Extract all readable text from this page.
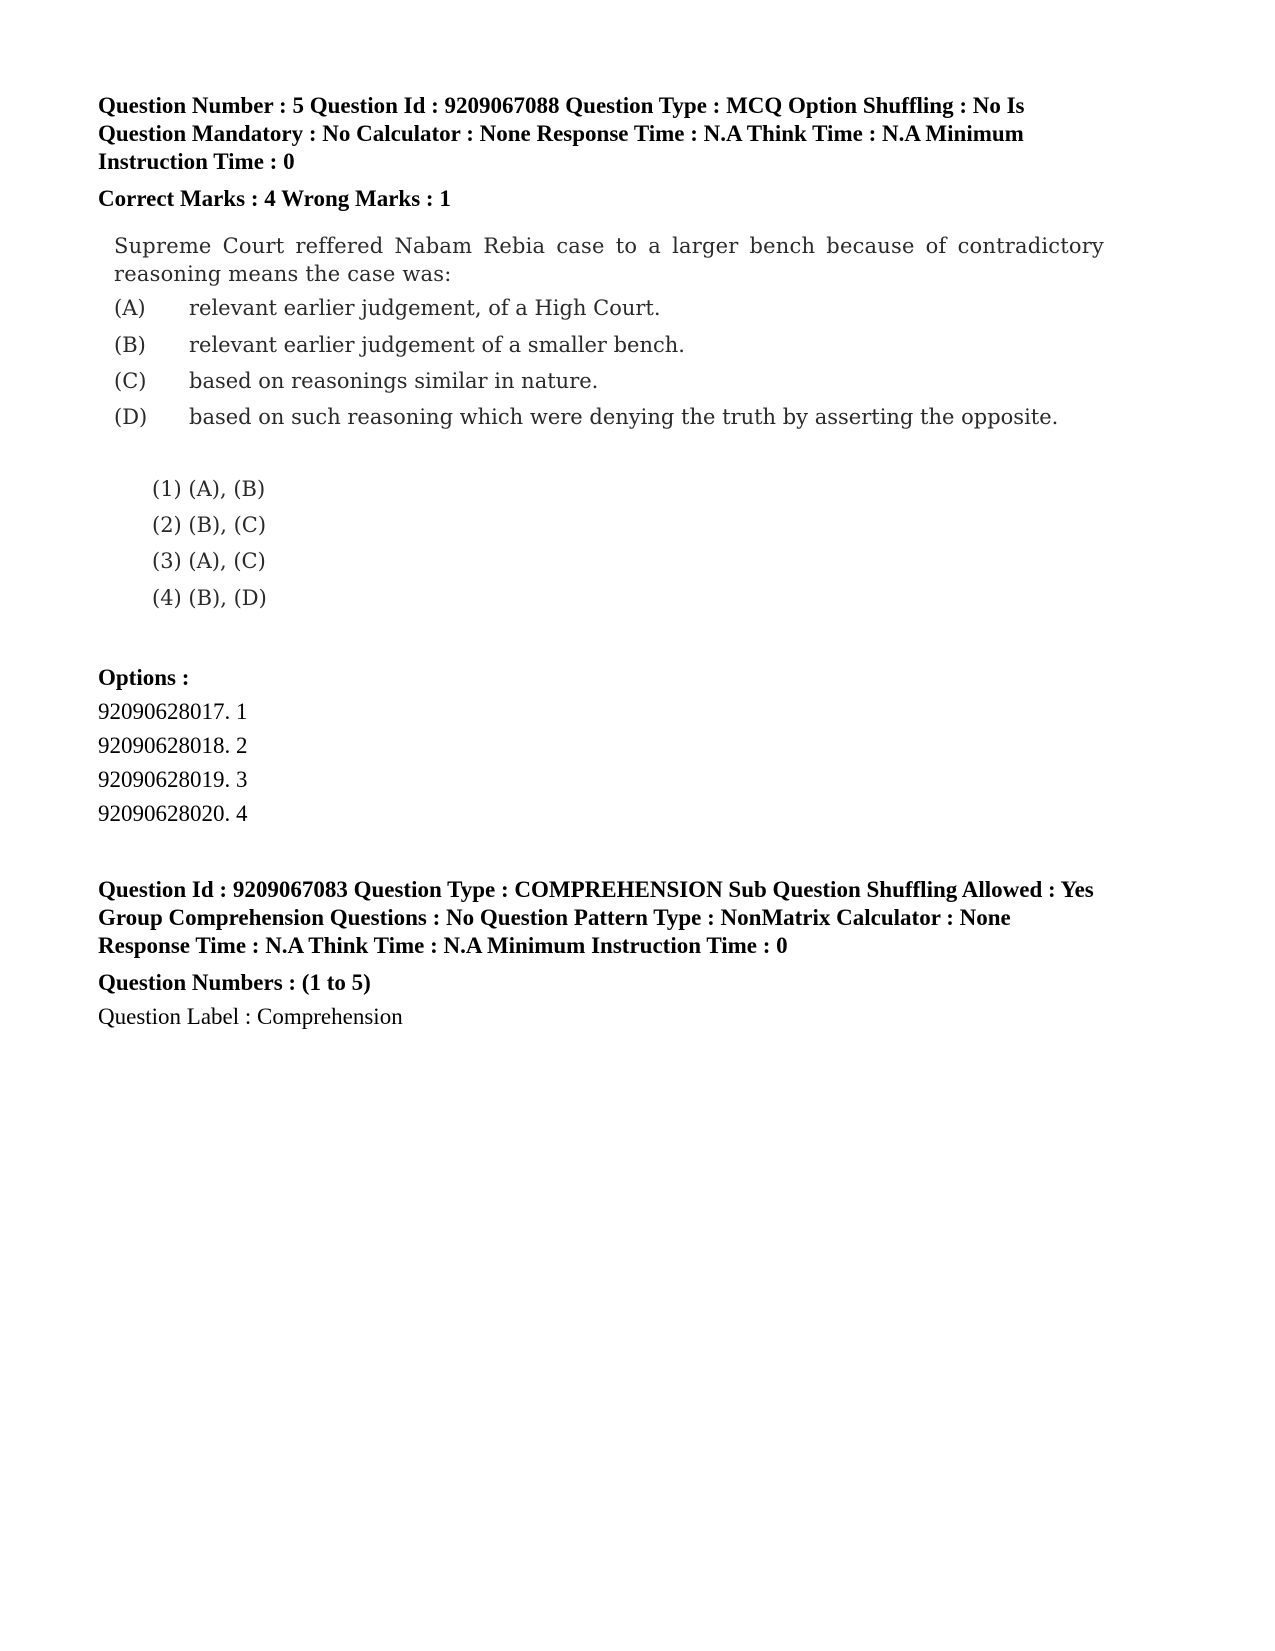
Question Number : 5 Question Id : 9209067088 Question Type : MCQ Option Shuffling : No Is
Question Mandatory : No Calculator : None Response Time : N.A Think Time : N.A Minimum
Instruction Time : 0
Correct Marks : 4 Wrong Marks : 1
Supreme Court reffered Nabam Rebia case to a larger bench because of contradictory
reasoning means the case was:
(A)	relevant earlier judgement, of a High Court.
(B)	relevant earlier judgement of a smaller bench.
(C)	based on reasonings similar in nature.
(D)	based on such reasoning which were denying the truth by asserting the opposite.
(1) (A), (B)
(2) (B), (C)
(3) (A), (C)
(4) (B), (D)
Options :
92090628017. 1
92090628018. 2
92090628019. 3
92090628020. 4
Question Id : 9209067083 Question Type : COMPREHENSION Sub Question Shuffling Allowed : Yes
Group Comprehension Questions : No Question Pattern Type : NonMatrix Calculator : None
Response Time : N.A Think Time : N.A Minimum Instruction Time : 0
Question Numbers : (1 to 5)
Question Label : Comprehension
